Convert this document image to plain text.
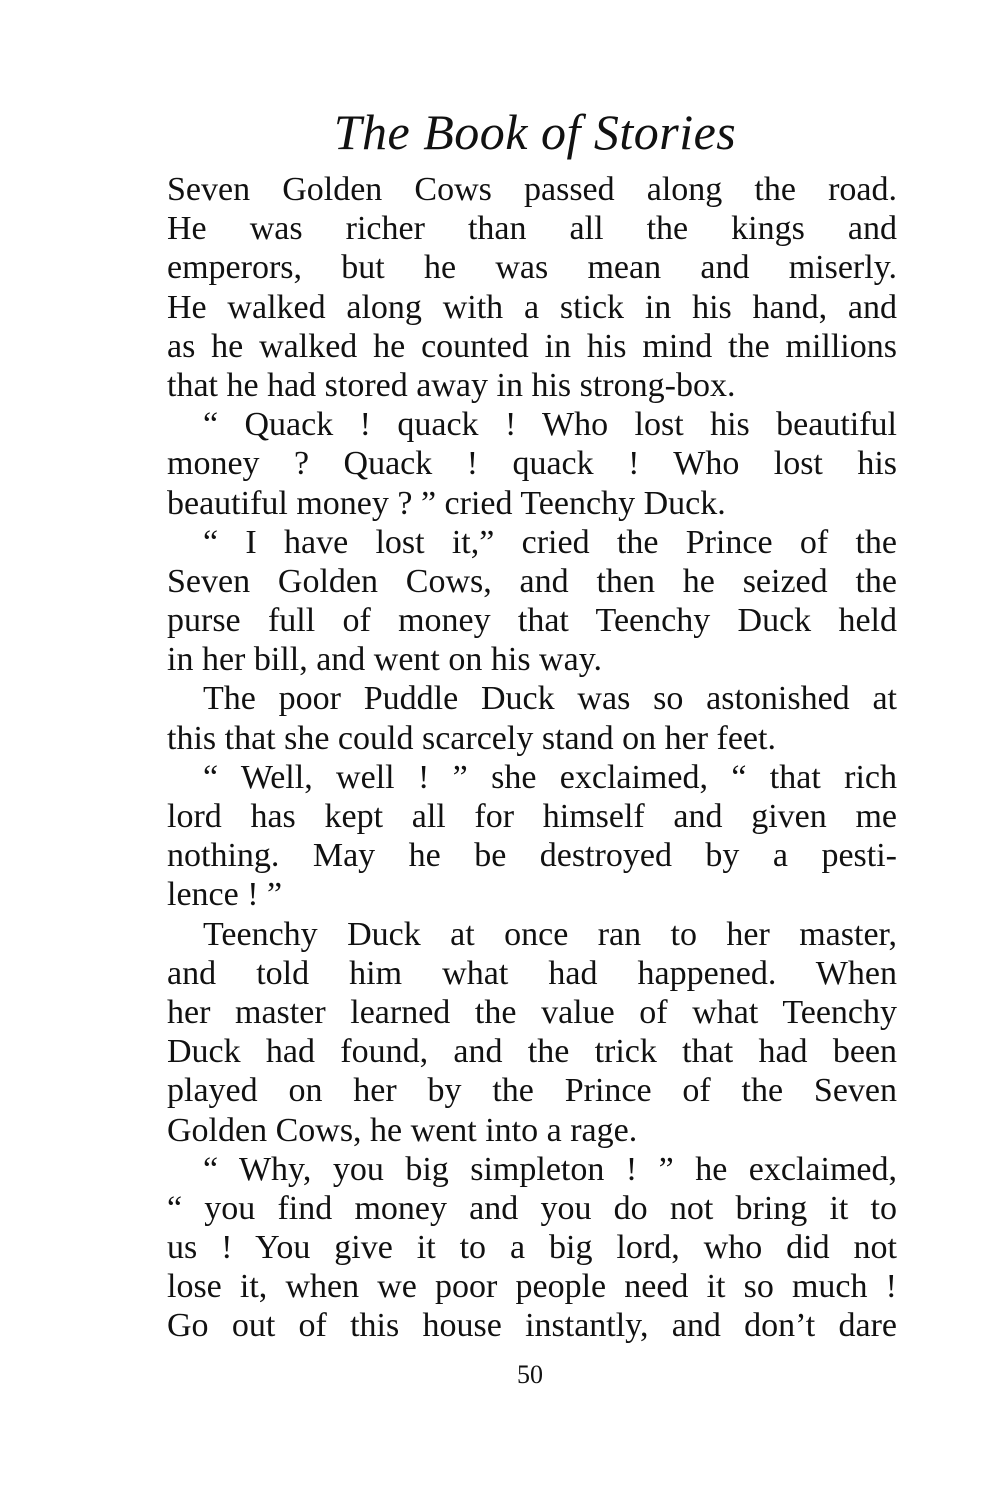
The Book of Stories
Seven Golden Cows passed along the road.
He was richer than all the kings and
emperors, but he was mean and miserly.
He walked along with a stick in his hand, and
as he walked he counted in his mind the millions
that he had stored away in his strong-box.
“ Quack ! quack ! Who lost his beautiful
money ? Quack ! quack ! Who lost his
beautiful money ? ” cried Teenchy Duck.
“ I have lost it,” cried the Prince of the
Seven Golden Cows, and then he seized the
purse full of money that Teenchy Duck held
in her bill, and went on his way.
The poor Puddle Duck was so astonished at
this that she could scarcely stand on her feet.
“ Well, well ! ” she exclaimed, “ that rich
lord has kept all for himself and given me
nothing. May he be destroyed by a pesti-
lence ! ”
Teenchy Duck at once ran to her master,
and told him what had happened. When
her master learned the value of what Teenchy
Duck had found, and the trick that had been
played on her by the Prince of the Seven
Golden Cows, he went into a rage.
“ Why, you big simpleton ! ” he exclaimed,
“ you find money and you do not bring it to
us ! You give it to a big lord, who did not
lose it, when we poor people need it so much !
Go out of this house instantly, and don’t dare
50
